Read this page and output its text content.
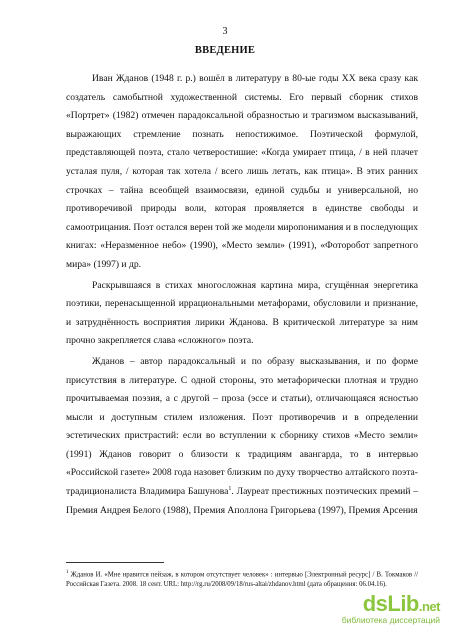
3
ВВЕДЕНИЕ

Иван Жданов (1948 г. р.) вошёл в литературу в 80-ые годы XX века сразу как создатель самобытной художественной системы. Его первый сборник стихов «Портрет» (1982) отмечен парадоксальной образностью и трагизмом высказываний, выражающих стремление познать непостижимое. Поэтической формулой, представляющей поэта, стало четверостишие: «Когда умирает птица, / в ней плачет усталая пуля, / которая так хотела / всего лишь летать, как птица». В этих ранних строчках – тайна всеобщей взаимосвязи, единой судьбы и универсальной, но противоречивой природы воли, которая проявляется в единстве свободы и самоотрицания. Поэт остался верен той же модели миропонимания и в последующих книгах: «Неразменное небо» (1990), «Место земли» (1991), «Фоторобот запретного мира» (1997) и др.

Раскрывшаяся в стихах многосложная картина мира, сгущённая энергетика поэтики, перенасыщенной иррациональными метафорами, обусловили и признание, и затруднённость восприятия лирики Жданова. В критической литературе за ним прочно закрепляется слава «сложного» поэта.

Жданов – автор парадоксальный и по образу высказывания, и по форме присутствия в литературе. С одной стороны, это метафорически плотная и трудно прочитываемая поэзия, а с другой – проза (эссе и статьи), отличающаяся ясностью мысли и доступным стилем изложения. Поэт противоречив и в определении эстетических пристрастий: если во вступлении к сборнику стихов «Место земли» (1991) Жданов говорит о близости к традициям авангарда, то в интервью «Российской газете» 2008 года назовет близким по духу творчество алтайского поэта-традиционалиста Владимира Башунова$^1$. Лауреат престижных поэтических премий – Премия Андрея Белого (1988), Премия Аполлона Григорьева (1997), Премия Арсения

$^1$ Жданов И. «Мне нравится пейзаж, в котором отсутствует человек» : интервью [Электронный ресурс] / В. Токмаков // Российская Газета. 2008. 18 сент. URL: http://rg.ru/2008/09/18/rus-altai/zhdanov.html (дата обращения: 06.04.16).
dsLib.net
библиотека диссертаций
